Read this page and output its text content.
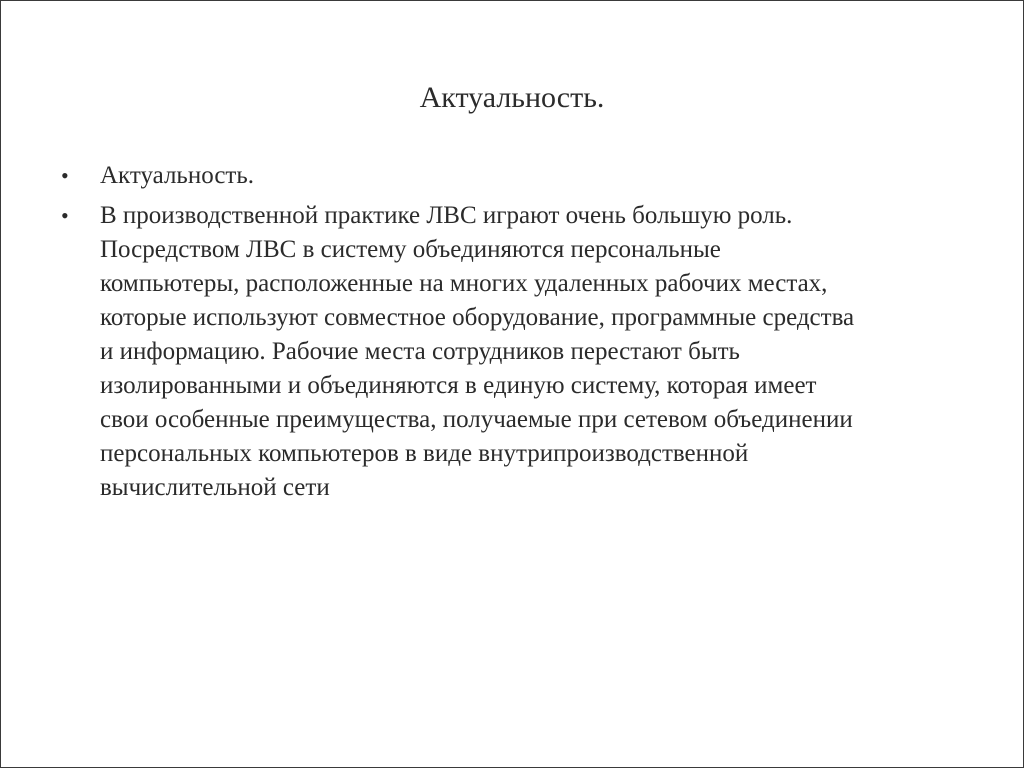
Актуальность.
•	Актуальность.
•	В производственной практике ЛВС играют очень большую роль.
Посредством ЛВС в систему объединяются персональные
компьютеры, расположенные на многих удаленных рабочих местах,
которые используют совместное оборудование, программные средства
и информацию. Рабочие места сотрудников перестают быть
изолированными и объединяются в единую систему, которая имеет
свои особенные преимущества, получаемые при сетевом объединении
персональных компьютеров в виде внутрипроизводственной
вычислительной сети
